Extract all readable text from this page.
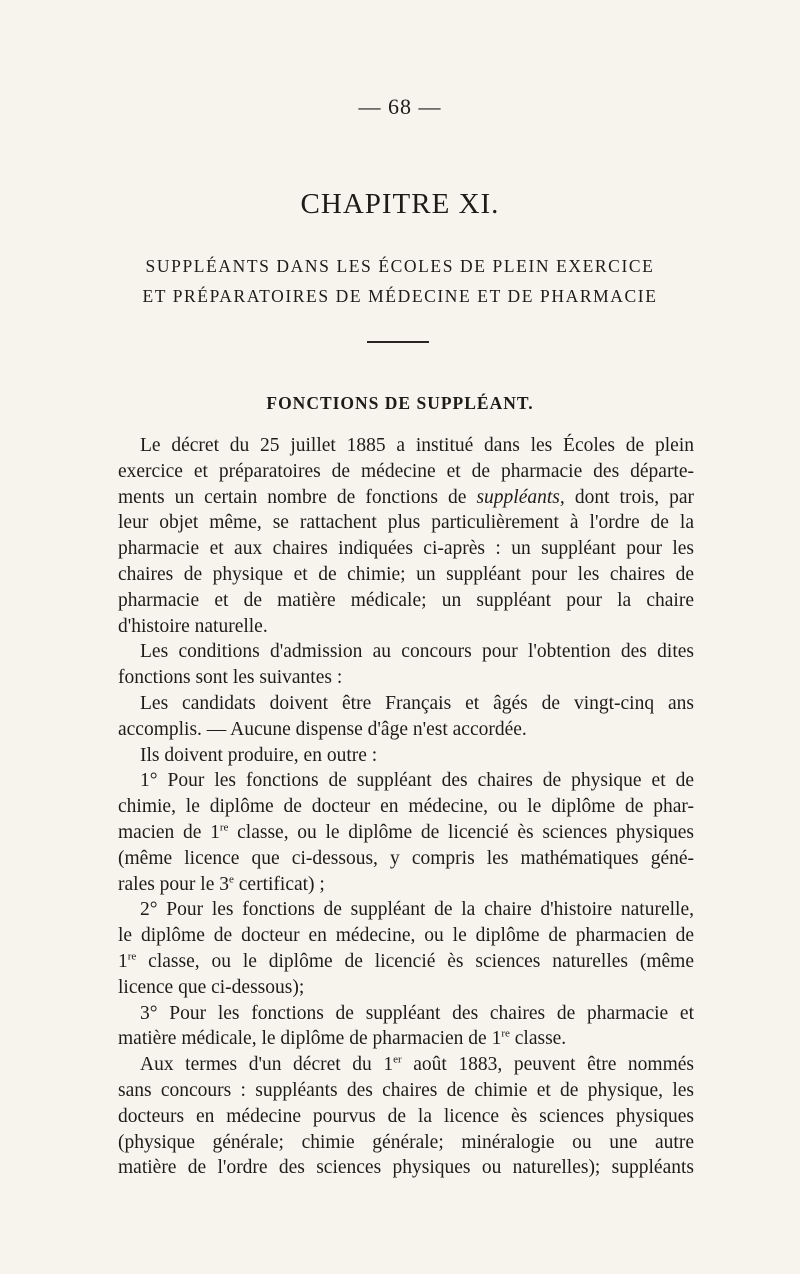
— 68 —
CHAPITRE XI.
SUPPLÉANTS DANS LES ÉCOLES DE PLEIN EXERCICE
ET PRÉPARATOIRES DE MÉDECINE ET DE PHARMACIE
FONCTIONS DE SUPPLÉANT.
Le décret du 25 juillet 1885 a institué dans les Écoles de plein
exercice et préparatoires de médecine et de pharmacie des départe-
ments un certain nombre de fonctions de suppléants, dont trois, par
leur objet même, se rattachent plus particulièrement à l'ordre de la
pharmacie et aux chaires indiquées ci-après : un suppléant pour les
chaires de physique et de chimie; un suppléant pour les chaires de
pharmacie et de matière médicale; un suppléant pour la chaire
d'histoire naturelle.
Les conditions d'admission au concours pour l'obtention des dites
fonctions sont les suivantes :
Les candidats doivent être Français et âgés de vingt-cinq ans
accomplis. — Aucune dispense d'âge n'est accordée.
Ils doivent produire, en outre :
1° Pour les fonctions de suppléant des chaires de physique et de
chimie, le diplôme de docteur en médecine, ou le diplôme de phar-
macien de 1re classe, ou le diplôme de licencié ès sciences physiques
(même licence que ci-dessous, y compris les mathématiques géné-
rales pour le 3e certificat) ;
2° Pour les fonctions de suppléant de la chaire d'histoire naturelle,
le diplôme de docteur en médecine, ou le diplôme de pharmacien de
1re classe, ou le diplôme de licencié ès sciences naturelles (même
licence que ci-dessous);
3° Pour les fonctions de suppléant des chaires de pharmacie et
matière médicale, le diplôme de pharmacien de 1re classe.
Aux termes d'un décret du 1er août 1883, peuvent être nommés
sans concours : suppléants des chaires de chimie et de physique, les
docteurs en médecine pourvus de la licence ès sciences physiques
(physique générale; chimie générale; minéralogie ou une autre
matière de l'ordre des sciences physiques ou naturelles); suppléants
